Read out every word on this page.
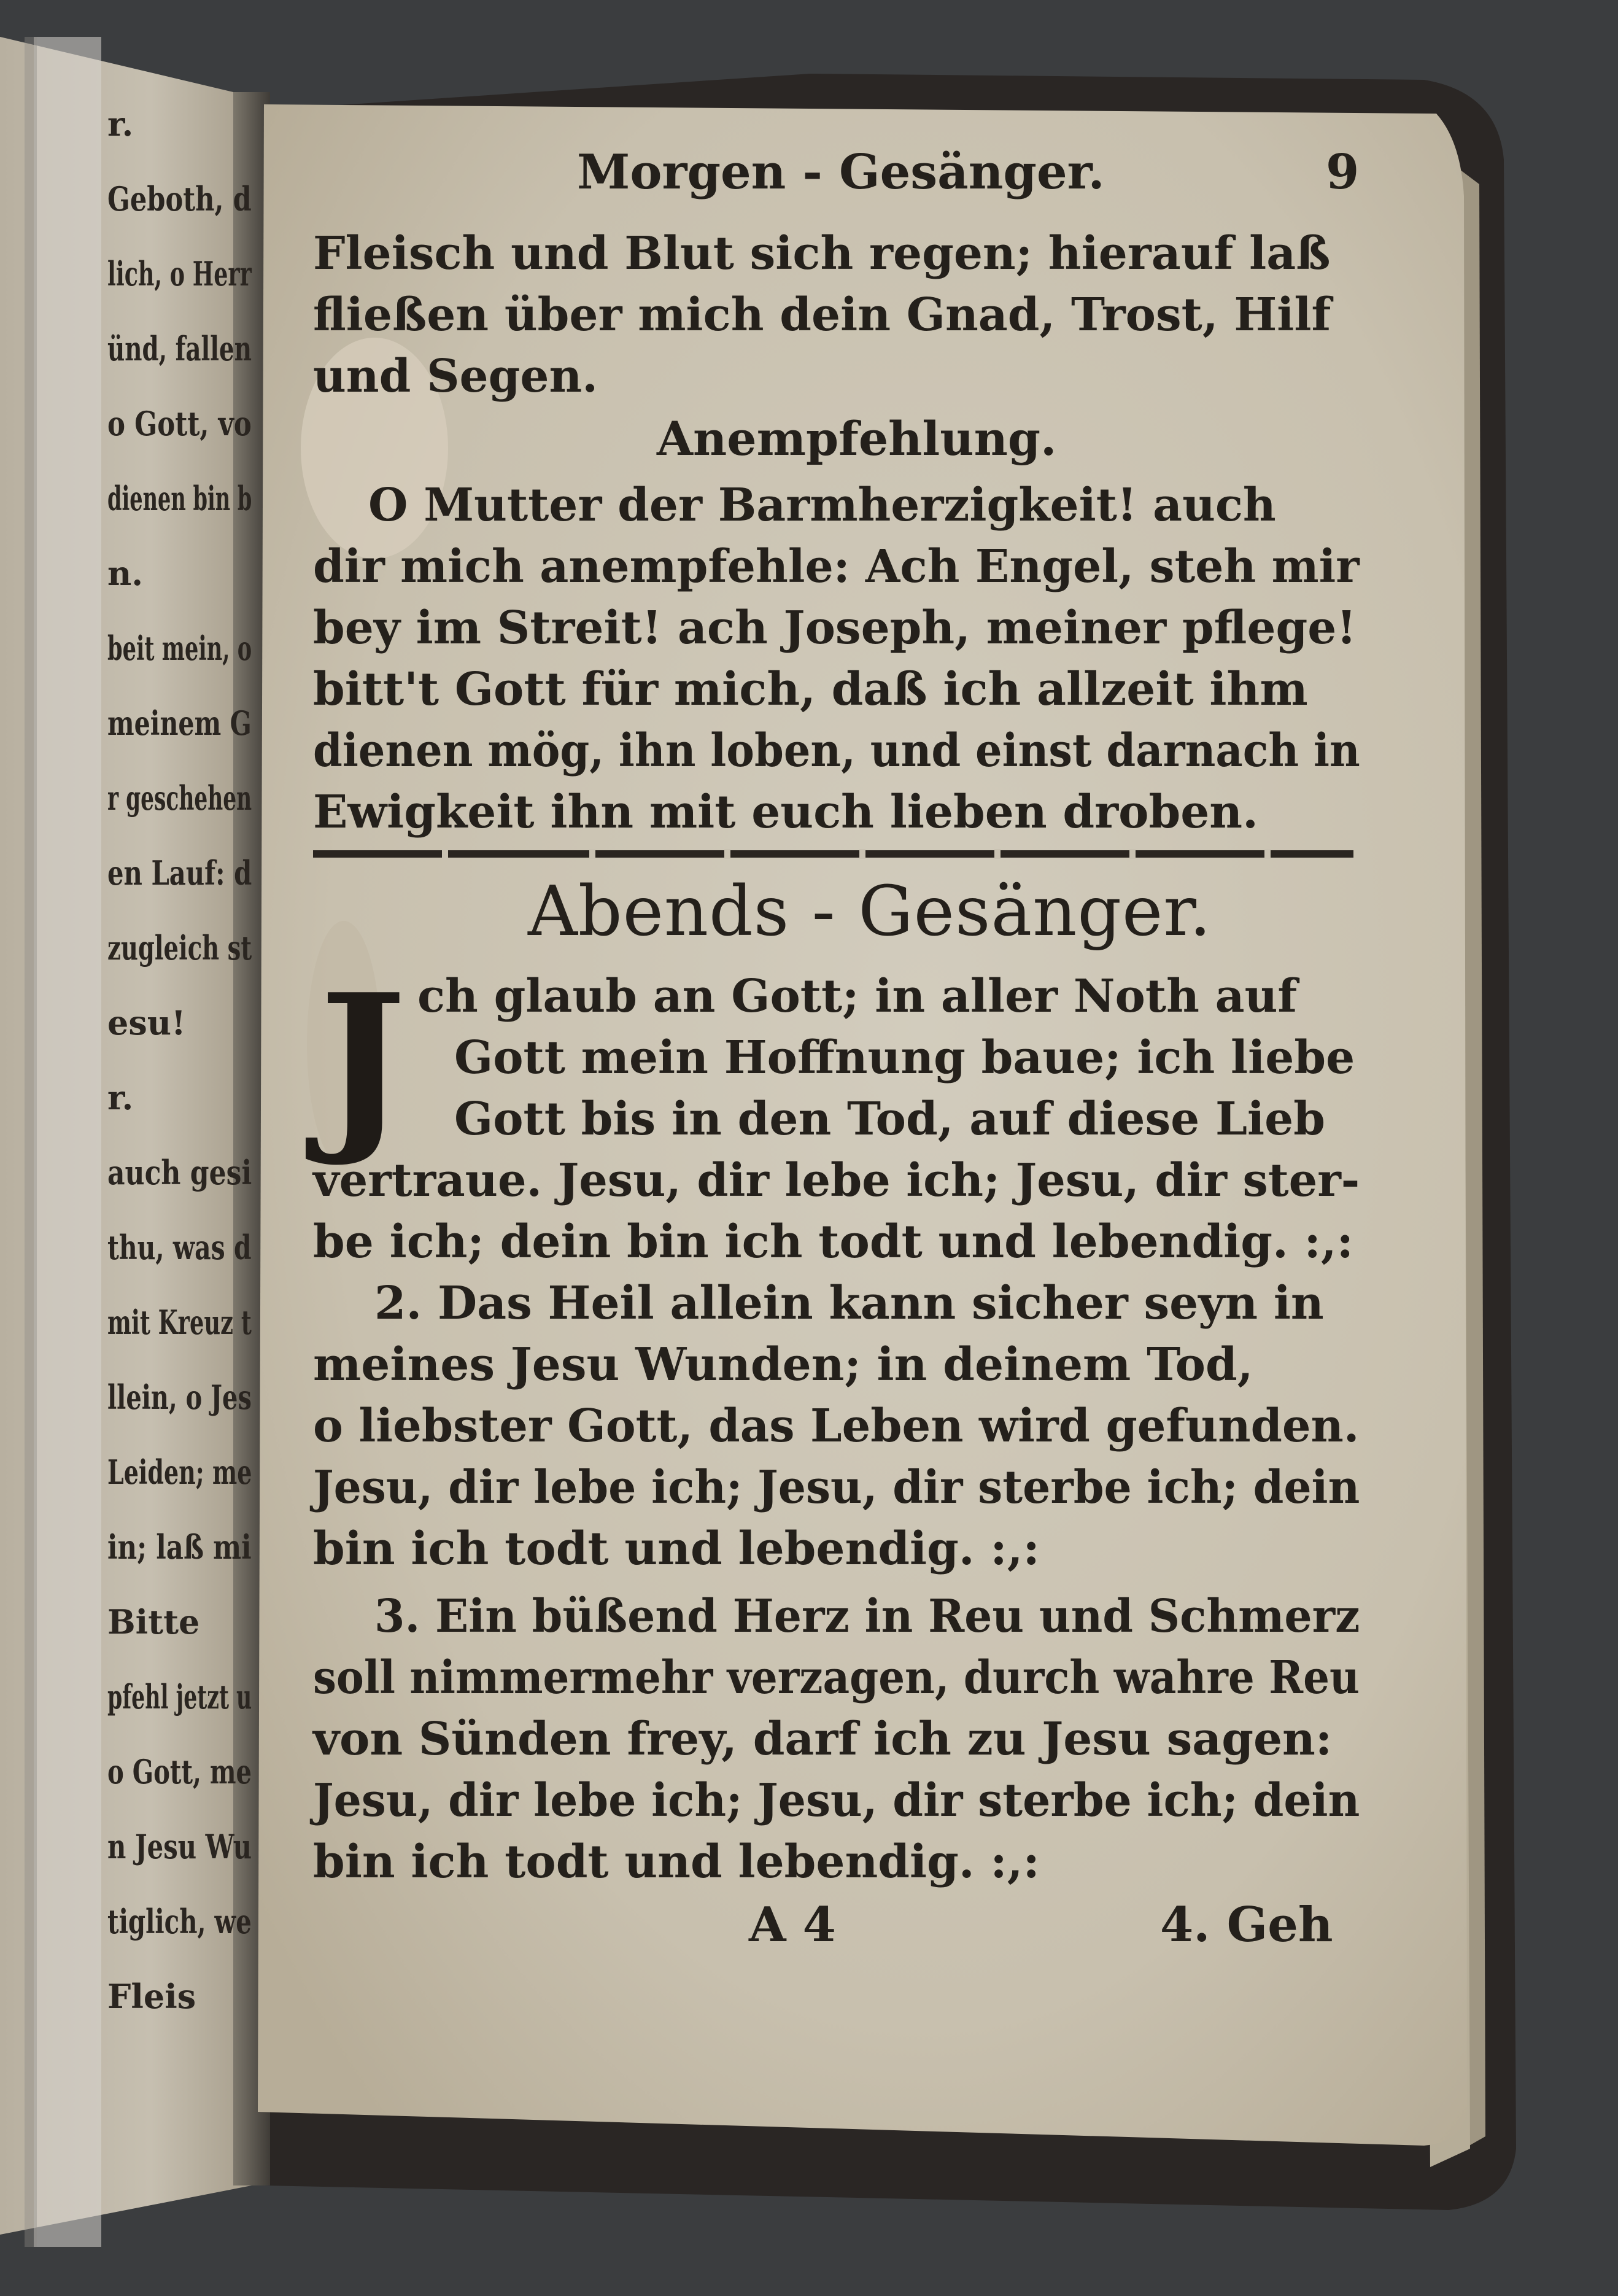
r.
Geboth, d
lich, o Herr
ünd, fallen
o Gott, vo
dienen bin b
n.
beit mein, o
meinem G
r geschehen
en Lauf: d
zugleich st
esu!
r.
auch gesi
thu, was d
mit Kreuz t
llein, o Jes
Leiden; me
in; laß mi
Bitte
pfehl jetzt u
o Gott, me
n Jesu Wu
tiglich, we
Fleis
Morgen - Gesänger.	9
Fleisch und Blut sich regen; hierauf laß
fließen über mich dein Gnad, Trost, Hilf
und Segen.
Anempfehlung.
O Mutter der Barmherzigkeit! auch
dir mich anempfehle: Ach Engel, steh mir
bey im Streit! ach Joseph, meiner pflege!
bitt't Gott für mich, daß ich allzeit ihm
dienen mög, ihn loben, und einst darnach in
Ewigkeit ihn mit euch lieben droben.
Abends - Gesänger.
J ch glaub an Gott; in aller Noth auf
Gott mein Hoffnung baue; ich liebe
Gott bis in den Tod, auf diese Lieb
vertraue. Jesu, dir lebe ich; Jesu, dir ster-
be ich; dein bin ich todt und lebendig. :,:
2. Das Heil allein kann sicher seyn in
meines Jesu Wunden; in deinem Tod,
o liebster Gott, das Leben wird gefunden.
Jesu, dir lebe ich; Jesu, dir sterbe ich; dein
bin ich todt und lebendig. :,:
3. Ein büßend Herz in Reu und Schmerz
soll nimmermehr verzagen, durch wahre Reu
von Sünden frey, darf ich zu Jesu sagen:
Jesu, dir lebe ich; Jesu, dir sterbe ich; dein
bin ich todt und lebendig. :,:
A 4	4. Geh
